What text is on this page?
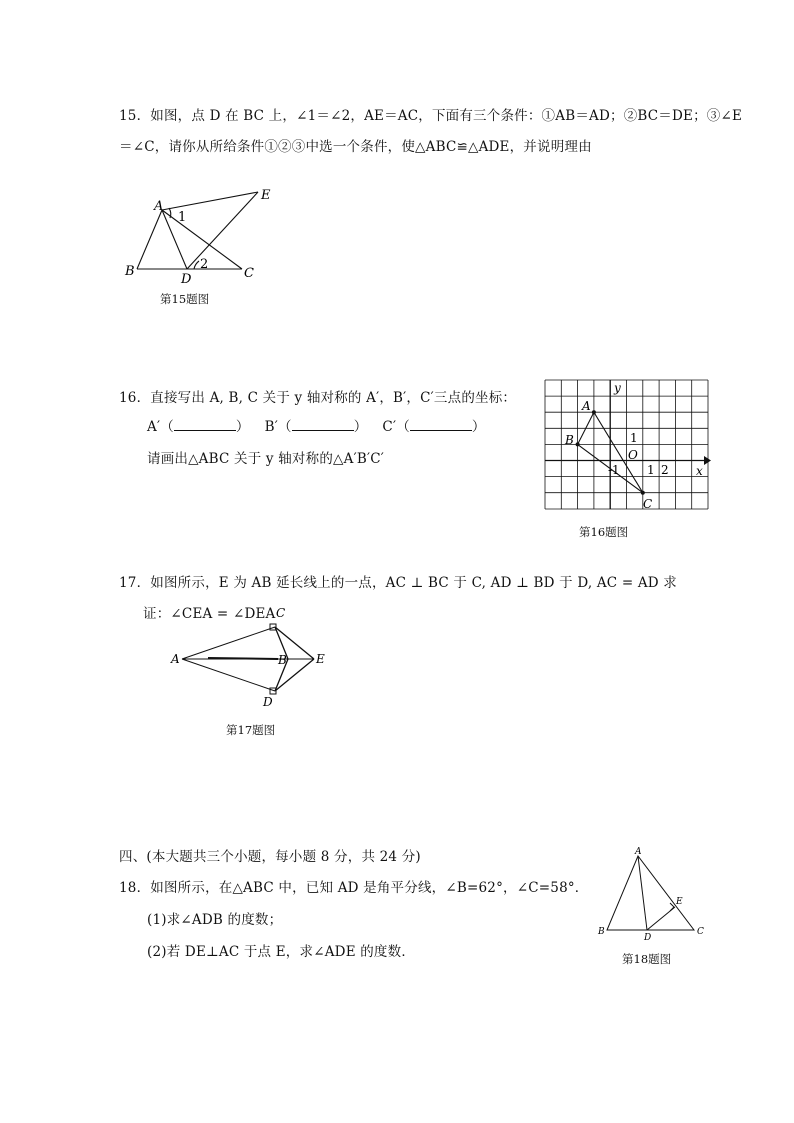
15．如图，点 D 在 BC 上，∠1＝∠2，AE＝AC，下面有三个条件：①AB＝AD；②BC＝DE；③∠E
＝∠C，请你从所给条件①②③中选一个条件，使△ABC≌△ADE，并说明理由
A
E
B
D	C
1
2
第15题图
16．直接写出 A, B, C 关于 y 轴对称的 A′，B′，C′三点的坐标：
A′（	） B′（	） C′（	）
请画出△ABC 关于 y 轴对称的△A′B′C′
y
A
B	1
O
-1 1 2 x
C
第16题图
17．如图所示，E 为 AB 延长线上的一点，AC ⊥ BC 于 C, AD ⊥ BD 于 D, AC = AD 求
证：∠CEA = ∠DEA
A
C
B E
D
第17题图
四、(本大题共三个小题，每小题 8 分，共 24 分)
18．如图所示，在△ABC 中，已知 AD 是角平分线，∠B=62°，∠C=58°．
(1)求∠ADB 的度数；
(2)若 DE⊥AC 于点 E，求∠ADE 的度数．
A
E
B
D
C
第18题图
